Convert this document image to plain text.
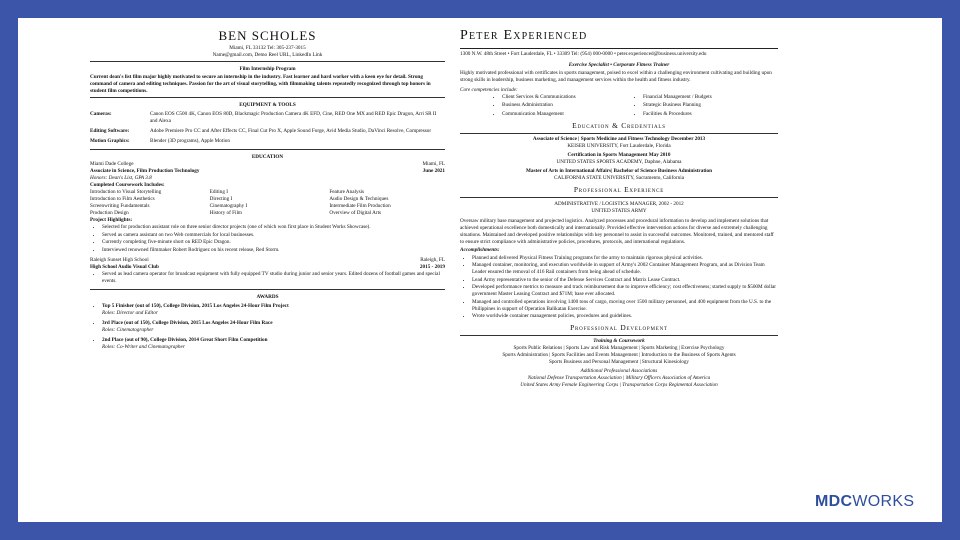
BEN SCHOLES
Miami, FL 33132 Tel: 305-237-3015
Name@gmail.com, Demo Reel URL, LinkedIn Link
Film Internship Program

Current dean's list film major highly motivated to secure an internship in the industry. Fast learner and hard worker with a keen eye for detail. Strong command of camera and editing techniques. Passion for the art of visual storytelling, with filmmaking talents repeatedly recognized through top honors in student film competitions.

EQUIPMENT & TOOLS
Cameras:	Canon EOS C500 4K, Canon EOS 80D, Blackmagic Production Camera 4K EFD, Cine, RED One MX and RED Epic Dragon, Arri SR II and Alexa
Editing Software:	Adobe Premiere Pro CC and After Effects CC, Final Cut Pro X, Apple Sound Forge, Avid Media Studio, DaVinci Resolve, Compressor
Motion Graphics:	Blender (3D programs), Apple Motion
EDUCATION
Miami Dade College	Miami, FL
Associate in Science, Film Production Technology	June 2021
Honors: Dean's List, GPA 3.8
Completed Coursework Includes:
Introduction to Visual Storytelling	Editing I	Feature Analysis
Introduction to Film Aesthetics	Directing I	Audio Design & Techniques
Screenwriting Fundamentals	Cinematography I	Intermediate Film Production
Production Design	History of Film	Overview of Digital Arts
Project Highlights:
• Selected for production assistant role on three senior director projects (one of which won first place in Student Works Showcase).
• Served as camera assistant on two Web commercials for local businesses.
• Currently completing five-minute short on RED Epic Dragon.
• Interviewed renowned filmmaker Robert Rodriguez on his recent release, Red Storm.
Raleigh Sunset High School	Raleigh, FL
High School Audio Visual Club	2015 - 2019
• Served as lead camera operator for broadcast equipment with fully equipped TV studio during junior and senior years. Edited dozens of football games and special events.
AWARDS
• Top 5 Finisher (out of 150), College Division, 2015 Los Angeles 24-Hour Film Project
Roles: Director and Editor
• 3rd Place (out of 150), College Division, 2015 Los Angeles 24-Hour Film Race
Roles: Cinematographer
• 2nd Place (out of 90), College Division, 2014 Great Short Film Competition
Roles: Co-Writer and Cinematographer
Peter Experienced
1300 N.W. 48th Street • Fort Lauderdale, FL • 33309 Tel: (954) 000-0000 • peter.experienced@business.university.edu
Exercise Specialist • Corporate Fitness Trainer

Highly motivated professional with certificates in sports management, poised to excel within a challenging environment cultivating and building upon strong skills in leadership, business marketing, and management services within the health and fitness industry.

Core competencies include:
• Client Services & Communications	• Financial Management / Budgets
• Business Administration	• Strategic Business Planning
• Communication Management	• Facilities & Procedures
Education & Credentials
Associate of Science | Sports Medicine and Fitness Technology December 2013
KEISER UNIVERSITY, Fort Lauderdale, Florida
Certification in Sports Management May 2010
UNITED STATES SPORTS ACADEMY, Daphne, Alabama
Master of Arts in International Affairs| Bachelor of Science Business Administration
CALIFORNIA STATE UNIVERSITY, Sacramento, California
Professional Experience
ADMINISTRATIVE / LOGISTICS MANAGER, 2002 - 2012
UNITED STATES ARMY

Oversaw military base management and projected logistics. Analyzed processes and procedural information to develop and implement solutions that achieved operational excellence both domestically and internationally. Provided effective intervention actions for diverse and extremely challenging situations. Maintained and developed positive relationships with key personnel to assist in successful outcomes. Monitored, trained, and mentored staff to ensure strict compliance with administrative policies, procedures, protocols, and international regulations.

Accomplishments:
• Planned and delivered Physical Fitness Training programs for the army to maintain rigorous physical activities.
• Managed container, monitoring, and execution worldwide in support of Army's 2002 Container Management Program, and as Division Team Leader ensured the removal of 416 Rail containers from being ahead of schedule.
• Lead Army representative to the senior of the Defense Services Contract and Matrix Lease Contract.
• Developed performance metrics to measure and track reimbursement due to improve efficiency; cost effectiveness; started supply to $500M dollar government Master Leasing Contract and $71M; base ever allocated.
• Managed and controlled operations involving 1400 tons of cargo, moving over 1500 military personnel, and 400 equipment from the U.S. to the Philippines in support of Operation Balikatan Exercise.
• Wrote worldwide container management policies, procedures and guidelines.
Professional Development
Training & Coursework
Sports Public Relations | Sports Law and Risk Management | Sports Marketing | Exercise Psychology
Sports Administration | Sports Facilities and Events Management | Introduction to the Business of Sports Agents
Sports Business and Personal Management | Structural Kinesiology
Additional Professional Associations
National Defense Transportation Association | Military Officers Association of America
United States Army Female Engineering Corps | Transportation Corps Regimental Association
MDCWORKS
